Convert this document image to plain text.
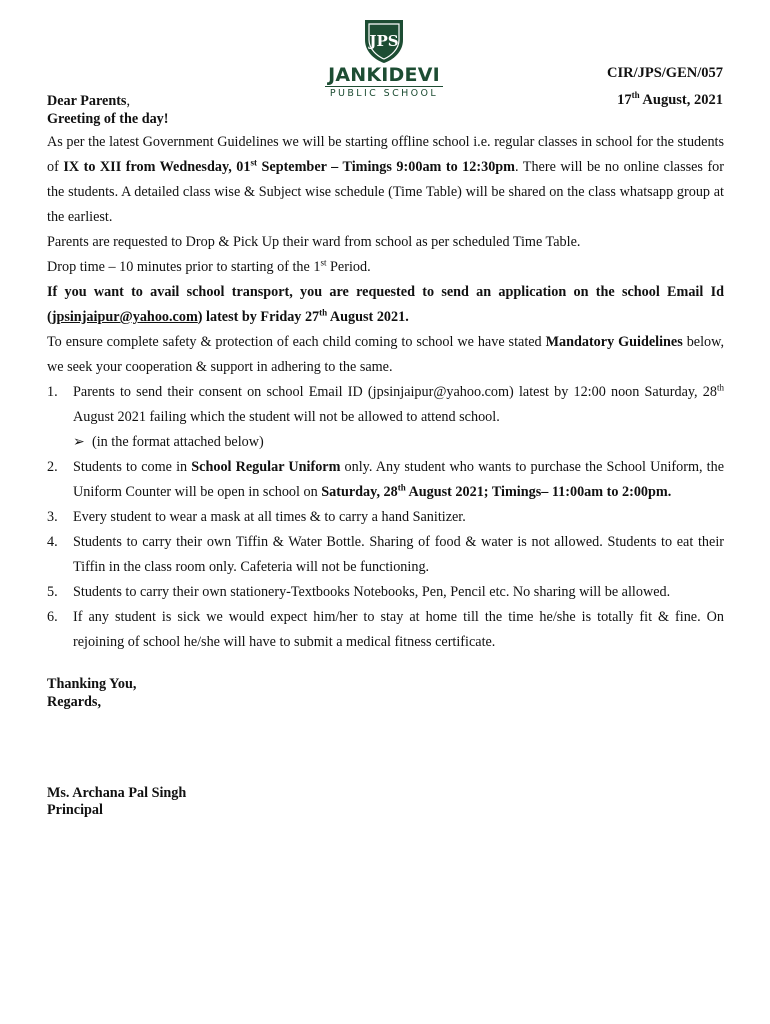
JPS
JANKIDEVI
PUBLIC SCHOOL
CIR/JPS/GEN/057
17th August, 2021
Dear Parents,
Greeting of the day!

As per the latest Government Guidelines we will be starting offline school i.e. regular classes in school for the students of IX to XII from Wednesday, 01st September – Timings 9:00am to 12:30pm. There will be no online classes for the students. A detailed class wise & Subject wise schedule (Time Table) will be shared on the class whatsapp group at the earliest.

Parents are requested to Drop & Pick Up their ward from school as per scheduled Time Table.

Drop time – 10 minutes prior to starting of the 1st Period.

If you want to avail school transport, you are requested to send an application on the school Email Id (jpsinjaipur@yahoo.com) latest by Friday 27th August 2021.

To ensure complete safety & protection of each child coming to school we have stated Mandatory Guidelines below, we seek your cooperation & support in adhering to the same.

1. Parents to send their consent on school Email ID (jpsinjaipur@yahoo.com) latest by 12:00 noon Saturday, 28th August 2021 failing which the student will not be allowed to attend school.
➢ (in the format attached below)
2. Students to come in School Regular Uniform only. Any student who wants to purchase the School Uniform, the Uniform Counter will be open in school on Saturday, 28th August 2021; Timings– 11:00am to 2:00pm.
3. Every student to wear a mask at all times & to carry a hand Sanitizer.
4. Students to carry their own Tiffin & Water Bottle. Sharing of food & water is not allowed. Students to eat their Tiffin in the class room only. Cafeteria will not be functioning.
5. Students to carry their own stationery-Textbooks Notebooks, Pen, Pencil etc. No sharing will be allowed.
6. If any student is sick we would expect him/her to stay at home till the time he/she is totally fit & fine. On rejoining of school he/she will have to submit a medical fitness certificate.
Thanking You,
Regards,
Ms. Archana Pal Singh
Principal
